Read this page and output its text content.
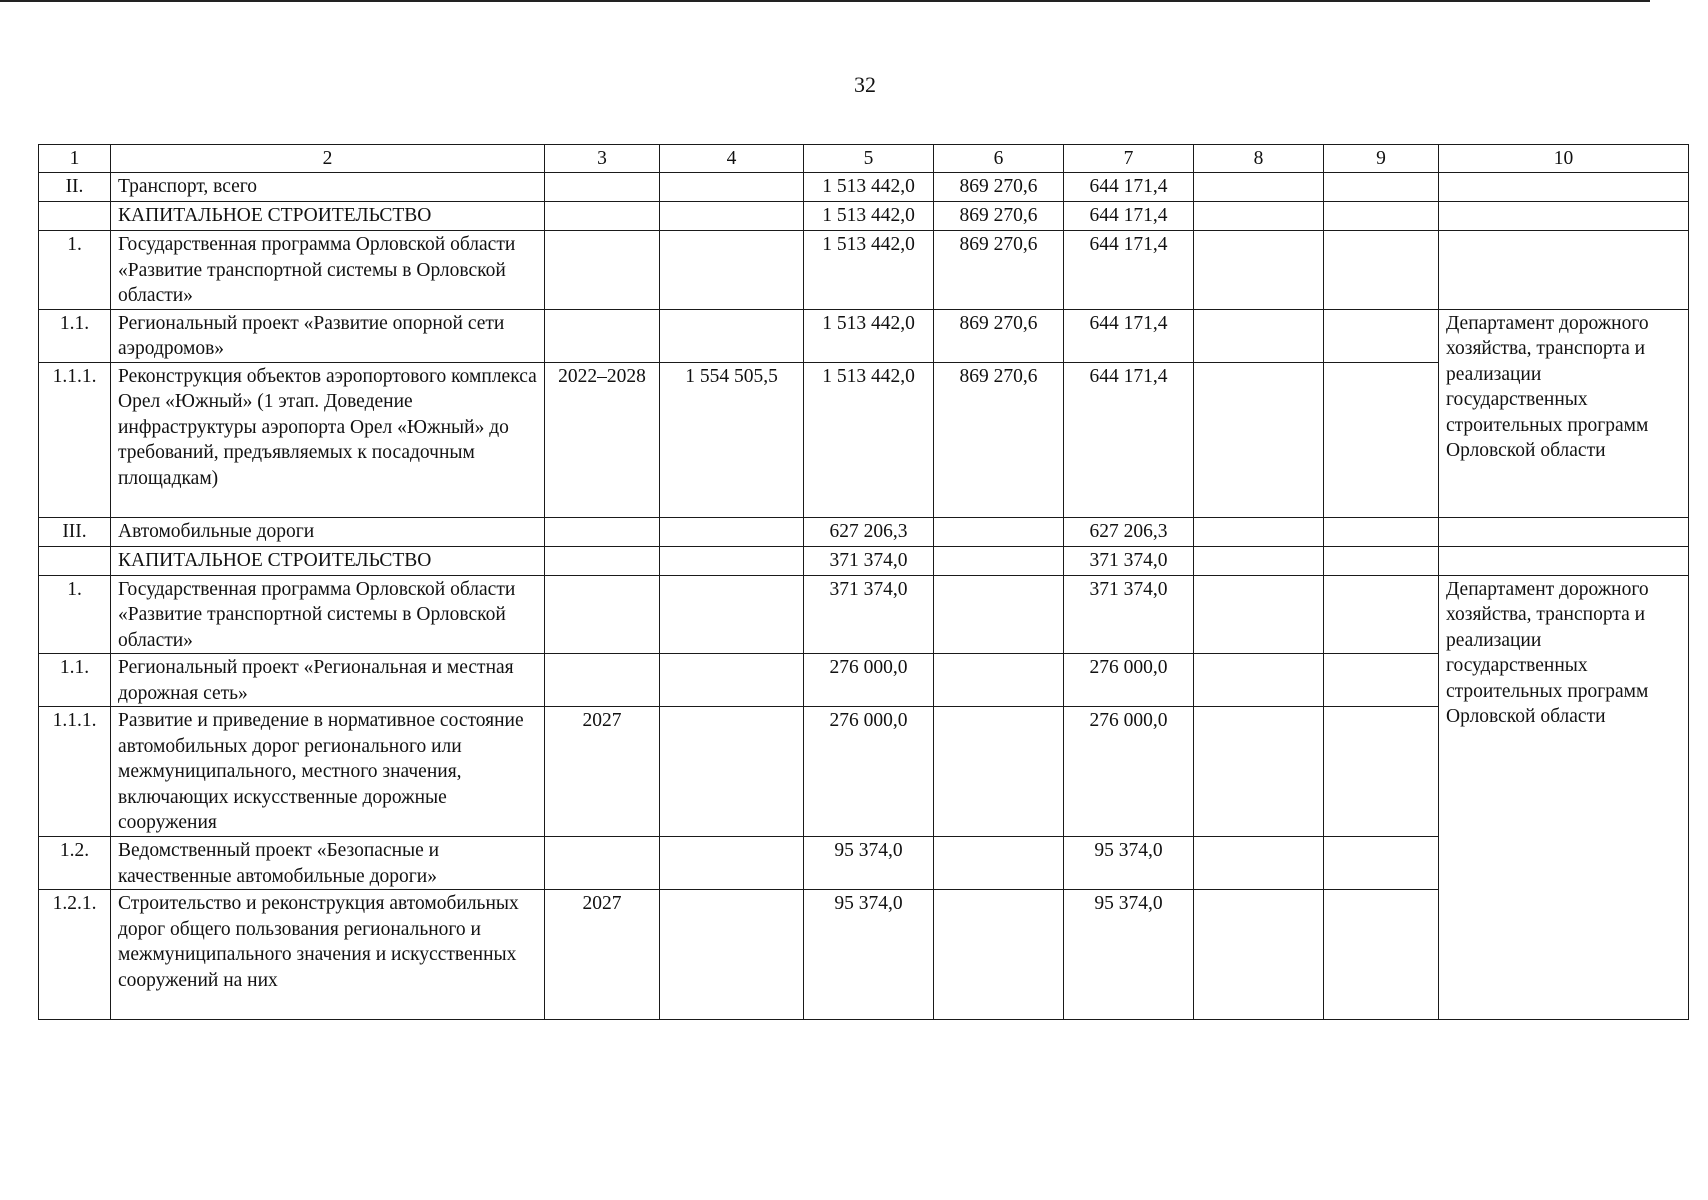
32
1	2	3	4	5	6	7	8	9	10
II.	Транспорт, всего			1 513 442,0	869 270,6	644 171,4			
	КАПИТАЛЬНОЕ СТРОИТЕЛЬСТВО			1 513 442,0	869 270,6	644 171,4			
1.	Государственная программа Орловской области «Развитие транспортной системы в Орловской области»			1 513 442,0	869 270,6	644 171,4			
1.1.	Региональный проект «Развитие опорной сети аэродромов»			1 513 442,0	869 270,6	644 171,4			Департамент дорожного хозяйства, транспорта и реализации государственных строительных программ Орловской области
1.1.1.	Реконструкция объектов аэропортового комплекса Орел «Южный» (1 этап. Доведение инфраструктуры аэропорта Орел «Южный» до требований, предъявляемых к посадочным площадкам)	2022–2028	1 554 505,5	1 513 442,0	869 270,6	644 171,4			
III.	Автомобильные дороги			627 206,3		627 206,3			
	КАПИТАЛЬНОЕ СТРОИТЕЛЬСТВО			371 374,0		371 374,0			
1.	Государственная программа Орловской области «Развитие транспортной системы в Орловской области»			371 374,0		371 374,0			Департамент дорожного хозяйства, транспорта и реализации государственных строительных программ Орловской области
1.1.	Региональный проект «Региональная и местная дорожная сеть»			276 000,0		276 000,0			
1.1.1.	Развитие и приведение в нормативное состояние автомобильных дорог регионального или межмуниципального, местного значения, включающих искусственные дорожные сооружения	2027		276 000,0		276 000,0			
1.2.	Ведомственный проект «Безопасные и качественные автомобильные дороги»			95 374,0		95 374,0			
1.2.1.	Строительство и реконструкция автомобильных дорог общего пользования регионального и межмуниципального значения и искусственных сооружений на них	2027		95 374,0		95 374,0			
